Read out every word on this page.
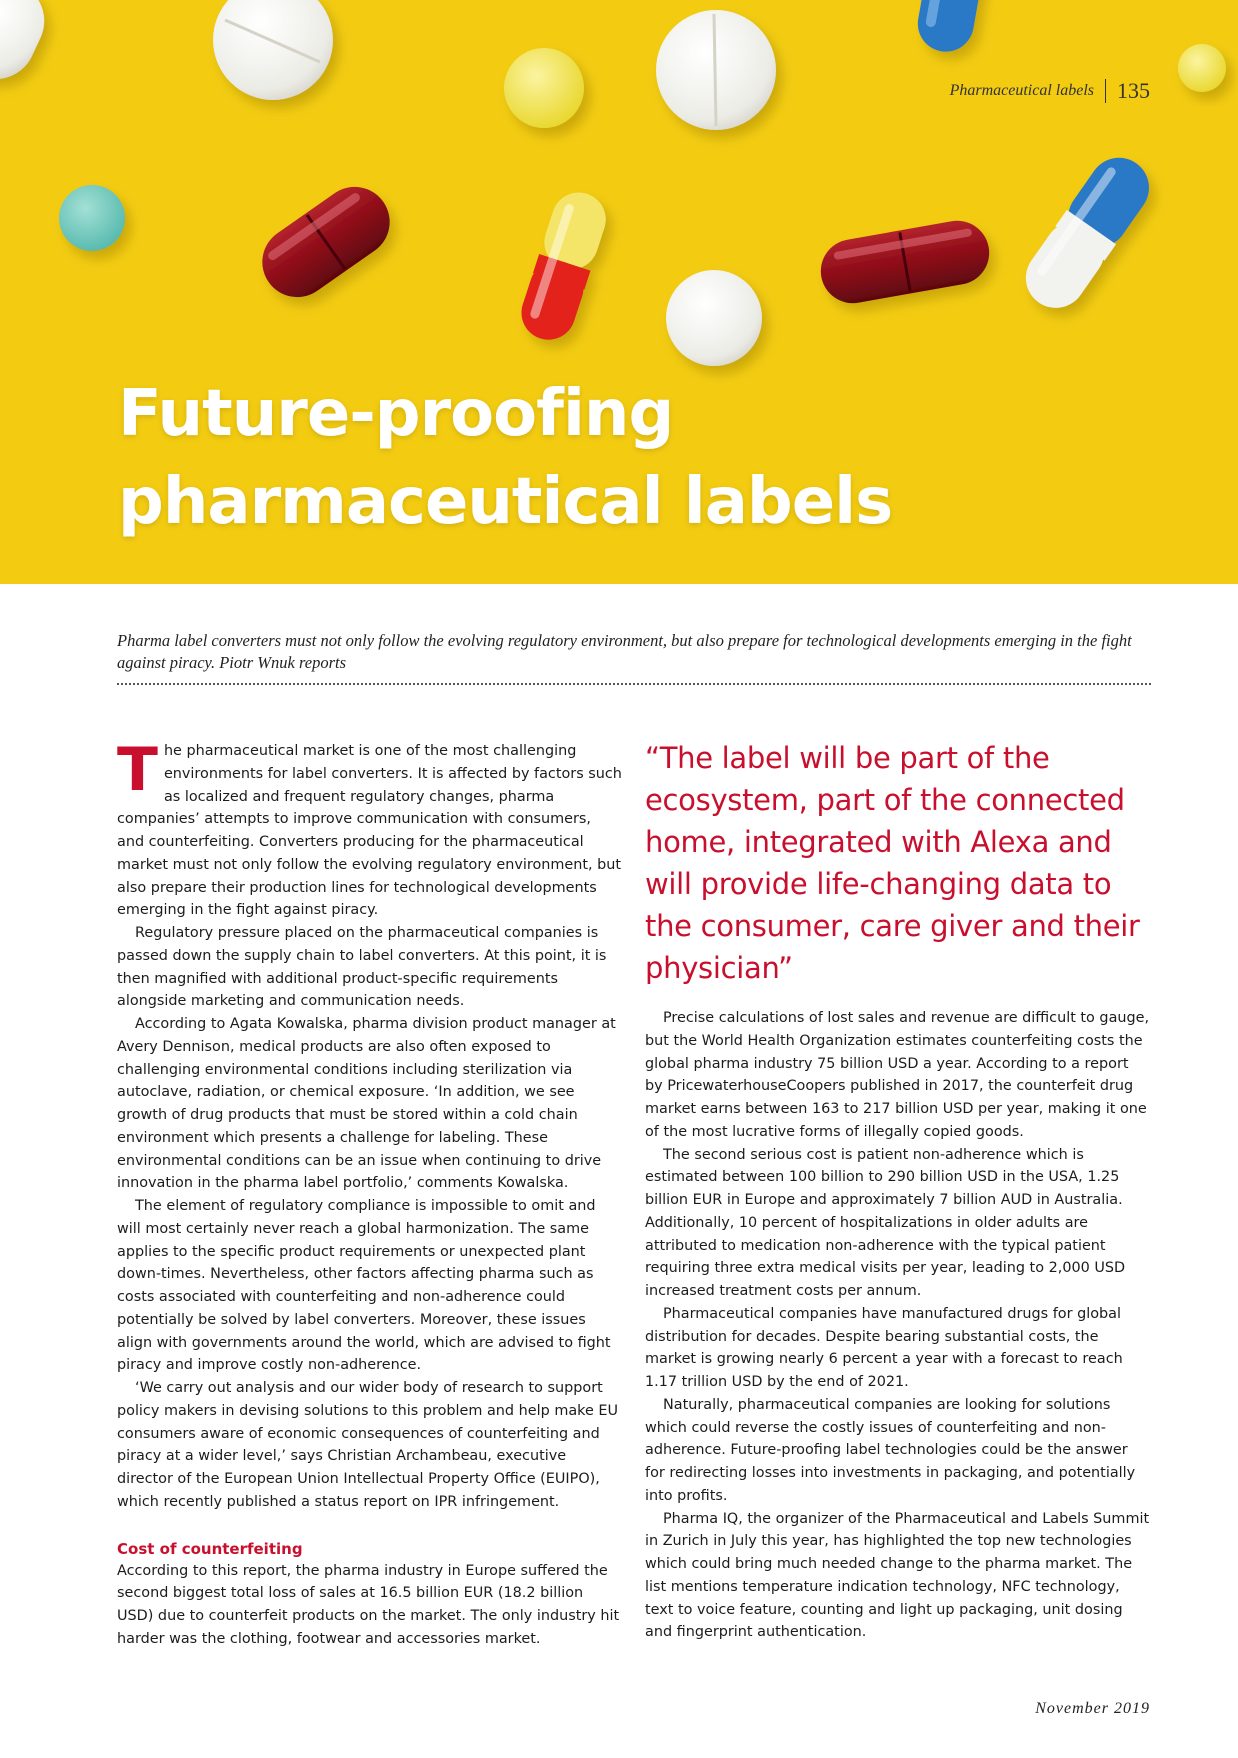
Pharmaceutical labels 135
Future-proofing
pharmaceutical labels

Pharma label converters must not only follow the evolving regulatory environment, but also prepare for technological developments emerging in the fight against piracy. Piotr Wnuk reports

The pharmaceutical market is one of the most challenging environments for label converters. It is affected by factors such as localized and frequent regulatory changes, pharma companies’ attempts to improve communication with consumers, and counterfeiting. Converters producing for the pharmaceutical market must not only follow the evolving regulatory environment, but also prepare their production lines for technological developments emerging in the fight against piracy.

Regulatory pressure placed on the pharmaceutical companies is passed down the supply chain to label converters. At this point, it is then magnified with additional product-specific requirements alongside marketing and communication needs.

According to Agata Kowalska, pharma division product manager at Avery Dennison, medical products are also often exposed to challenging environmental conditions including sterilization via autoclave, radiation, or chemical exposure. ‘In addition, we see growth of drug products that must be stored within a cold chain environment which presents a challenge for labeling. These environmental conditions can be an issue when continuing to drive innovation in the pharma label portfolio,’ comments Kowalska.

The element of regulatory compliance is impossible to omit and will most certainly never reach a global harmonization. The same applies to the specific product requirements or unexpected plant down-times. Nevertheless, other factors affecting pharma such as costs associated with counterfeiting and non-adherence could potentially be solved by label converters. Moreover, these issues align with governments around the world, which are advised to fight piracy and improve costly non-adherence.

‘We carry out analysis and our wider body of research to support policy makers in devising solutions to this problem and help make EU consumers aware of economic consequences of counterfeiting and piracy at a wider level,’ says Christian Archambeau, executive director of the European Union Intellectual Property Office (EUIPO), which recently published a status report on IPR infringement.

Cost of counterfeiting

According to this report, the pharma industry in Europe suffered the second biggest total loss of sales at 16.5 billion EUR (18.2 billion USD) due to counterfeit products on the market. The only industry hit harder was the clothing, footwear and accessories market.

“The label will be part of the ecosystem, part of the connected home, integrated with Alexa and will provide life-changing data to the consumer, care giver and their physician”

Precise calculations of lost sales and revenue are difficult to gauge, but the World Health Organization estimates counterfeiting costs the global pharma industry 75 billion USD a year. According to a report by PricewaterhouseCoopers published in 2017, the counterfeit drug market earns between 163 to 217 billion USD per year, making it one of the most lucrative forms of illegally copied goods.

The second serious cost is patient non-adherence which is estimated between 100 billion to 290 billion USD in the USA, 1.25 billion EUR in Europe and approximately 7 billion AUD in Australia. Additionally, 10 percent of hospitalizations in older adults are attributed to medication non-adherence with the typical patient requiring three extra medical visits per year, leading to 2,000 USD increased treatment costs per annum.

Pharmaceutical companies have manufactured drugs for global distribution for decades. Despite bearing substantial costs, the market is growing nearly 6 percent a year with a forecast to reach 1.17 trillion USD by the end of 2021.

Naturally, pharmaceutical companies are looking for solutions which could reverse the costly issues of counterfeiting and non-adherence. Future-proofing label technologies could be the answer for redirecting losses into investments in packaging, and potentially into profits.

Pharma IQ, the organizer of the Pharmaceutical and Labels Summit in Zurich in July this year, has highlighted the top new technologies which could bring much needed change to the pharma market. The list mentions temperature indication technology, NFC technology, text to voice feature, counting and light up packaging, unit dosing and fingerprint authentication.

November 2019
